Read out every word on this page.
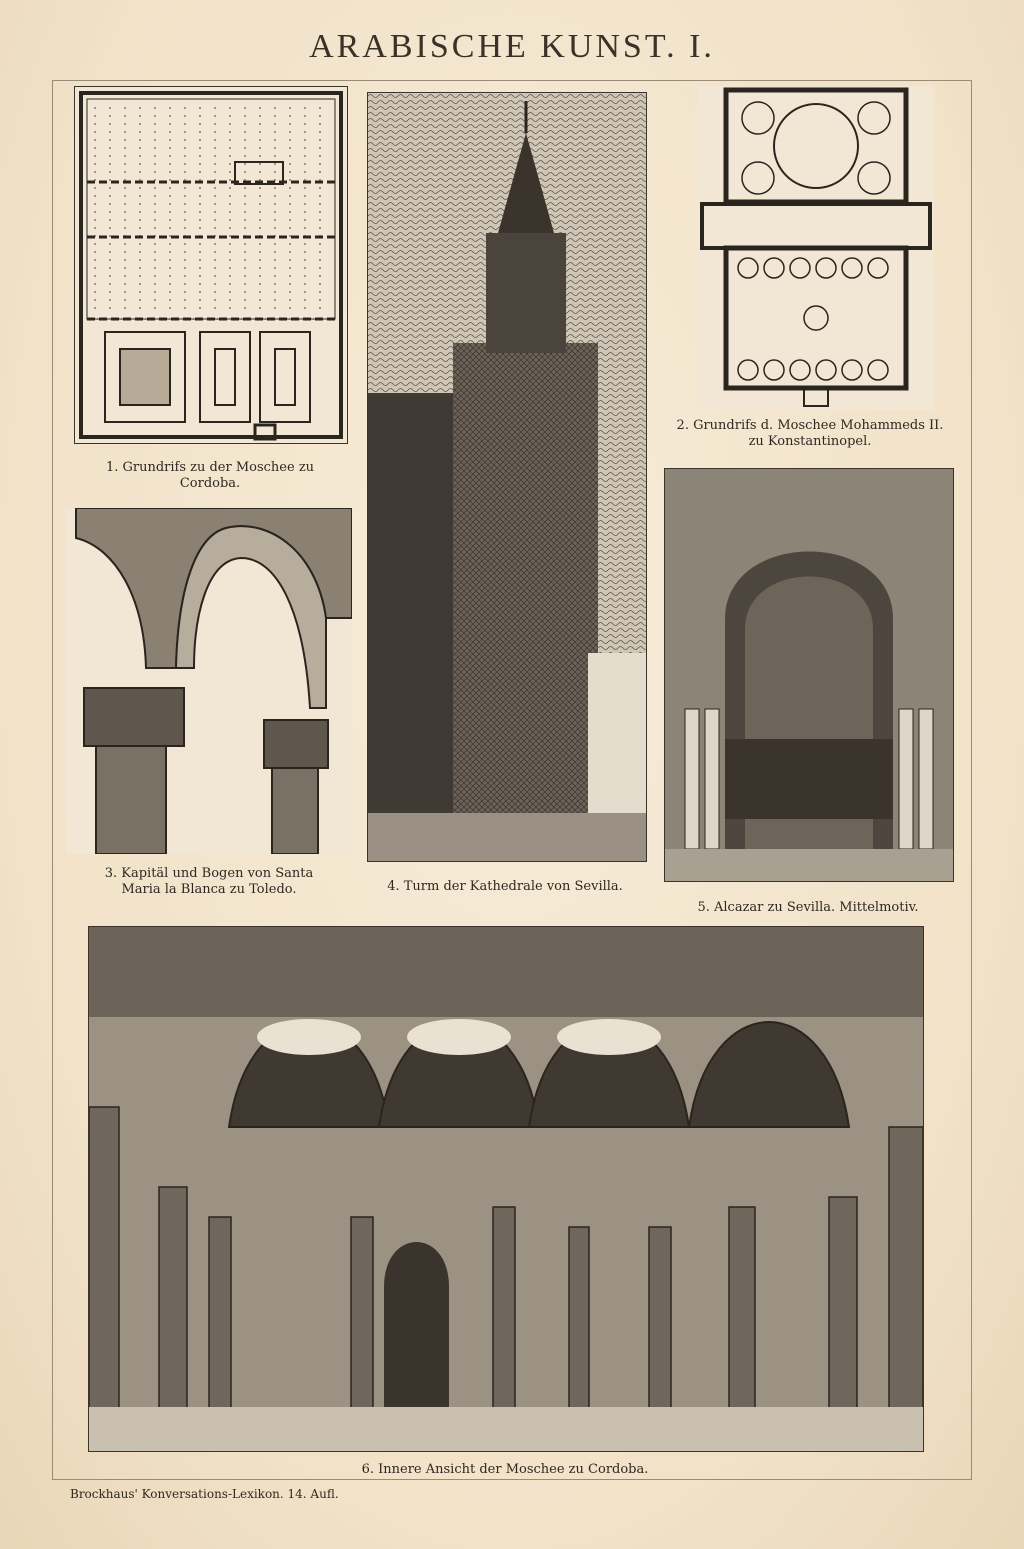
ARABISCHE KUNST. I.
1. Grundrifs zu der Moschee zu
Cordoba.
4. Turm der Kathedrale von Sevilla.
2. Grundrifs d. Moschee Mohammeds II.
zu Konstantinopel.
3. Kapitäl und Bogen von Santa
Maria la Blanca zu Toledo.
5. Alcazar zu Sevilla. Mittelmotiv.
6. Innere Ansicht der Moschee zu Cordoba.
Brockhaus' Konversations-Lexikon. 14. Aufl.
